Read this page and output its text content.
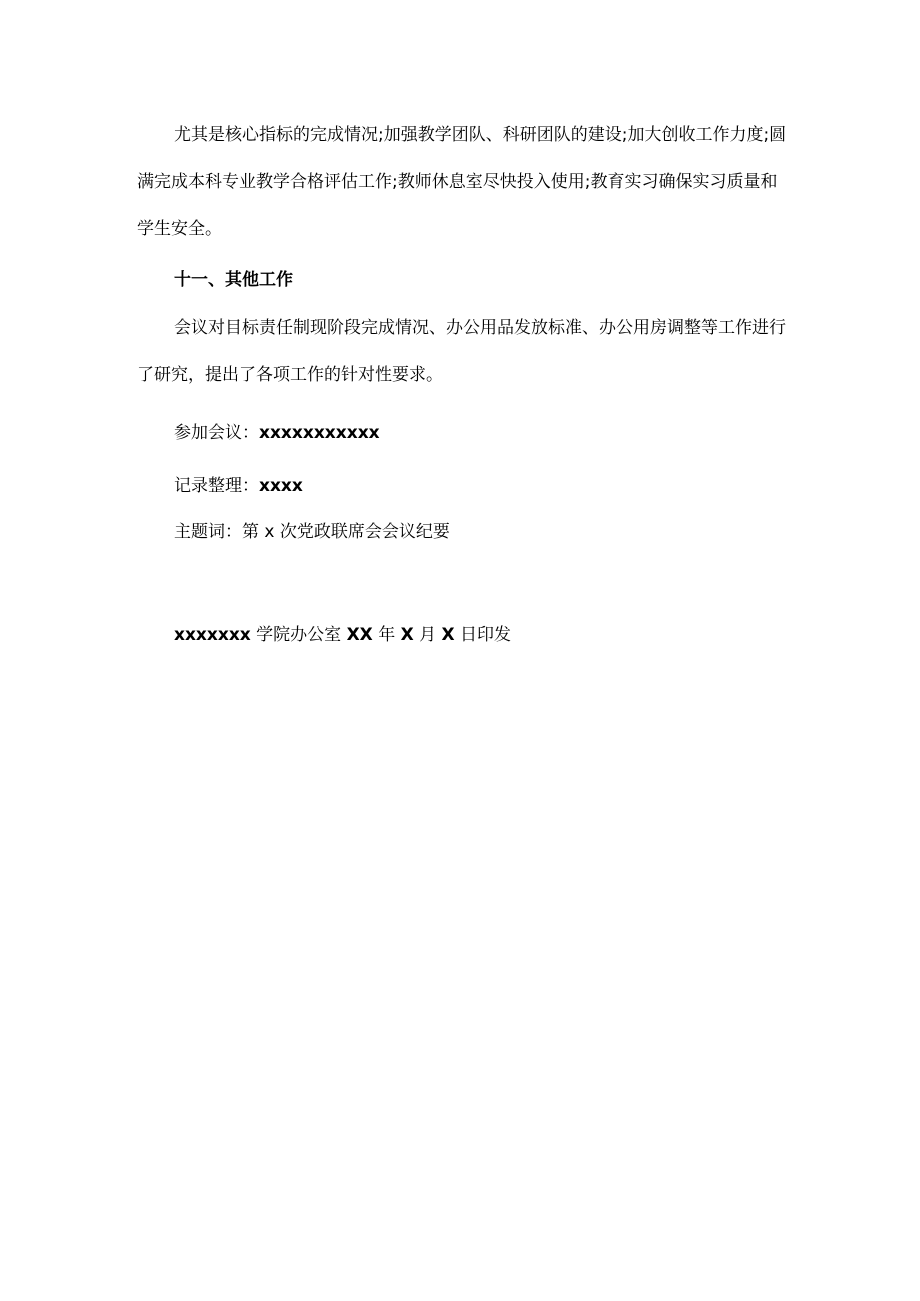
尤其是核心指标的完成情况;加强教学团队、科研团队的建设;加大创收工作力度;圆满完成本科专业教学合格评估工作;教师休息室尽快投入使用;教育实习确保实习质量和学生安全。

十一、其他工作

会议对目标责任制现阶段完成情况、办公用品发放标准、办公用房调整等工作进行了研究，提出了各项工作的针对性要求。

参加会议：xxxxxxxxxxx

记录整理：xxxx

主题词：第 x 次党政联席会会议纪要

xxxxxxx 学院办公室 XX 年 X 月 X 日印发
